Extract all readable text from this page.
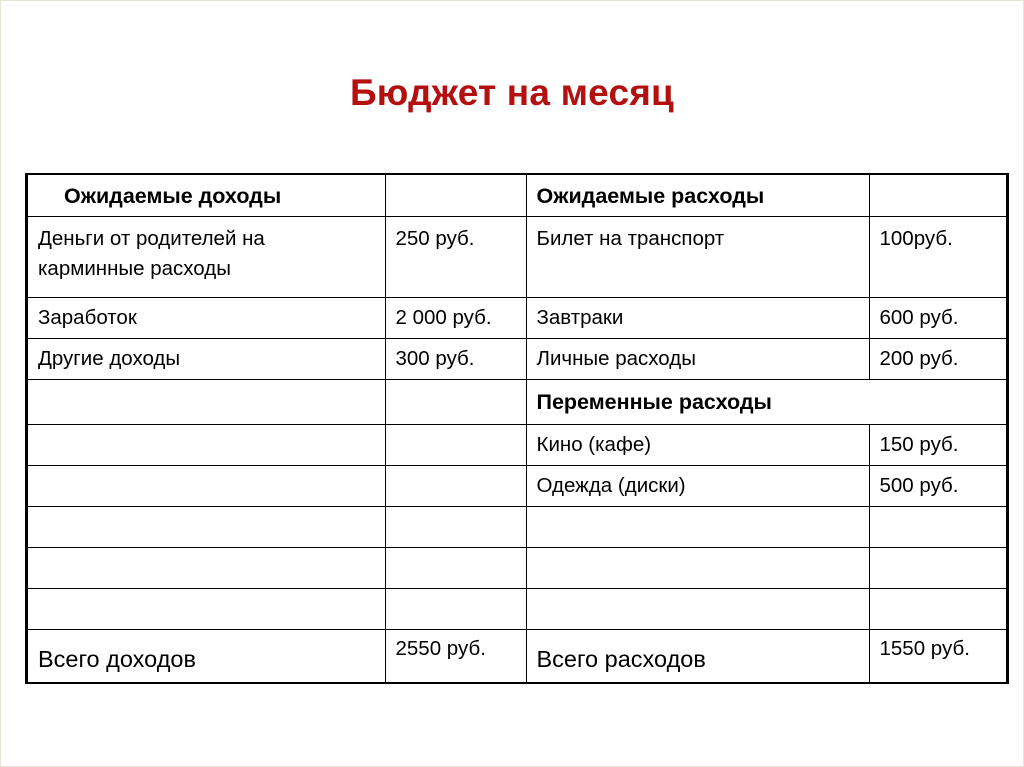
Бюджет на месяц
Ожидаемые доходы		Ожидаемые расходы	
Деньги от родителей на карминные расходы	250 руб.	Билет на транспорт	100руб.
Заработок	2 000 руб.	Завтраки	600 руб.
Другие доходы	300 руб.	Личные расходы	200 руб.
		Переменные расходы	
		Кино (кафе)	150 руб.
		Одежда (диски)	500 руб.

Всего доходов	2550 руб.	Всего расходов	1550 руб.
